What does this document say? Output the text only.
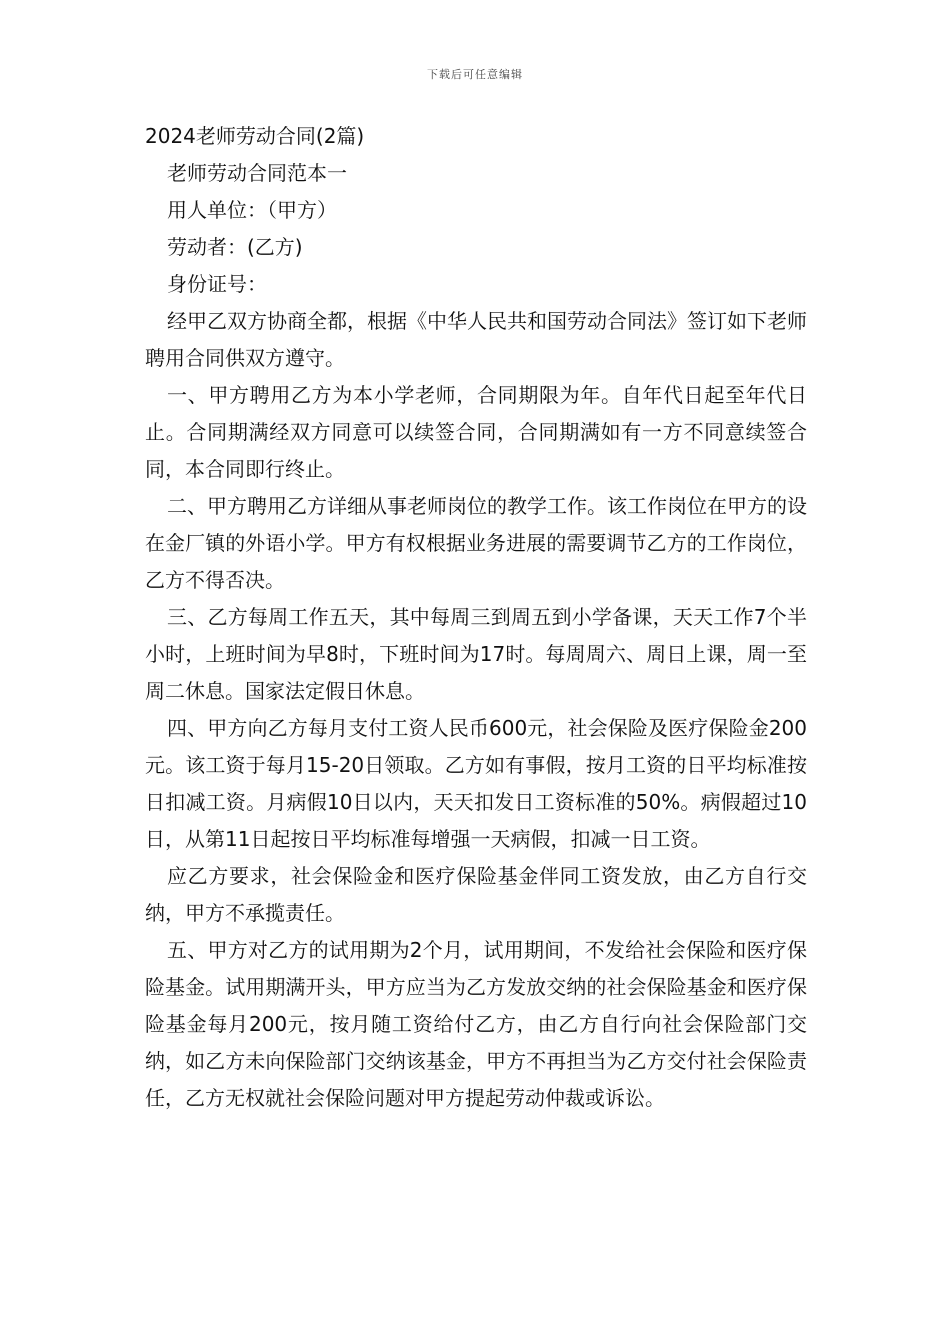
下载后可任意编辑

2024老师劳动合同(2篇)

老师劳动合同范本一

用人单位：（甲方）

劳动者：(乙方)

身份证号：

经甲乙双方协商全都，根据《中华人民共和国劳动合同法》签订如下老师聘用合同供双方遵守。

一、甲方聘用乙方为本小学老师，合同期限为年。自年代日起至年代日止。合同期满经双方同意可以续签合同，合同期满如有一方不同意续签合同，本合同即行终止。

二、甲方聘用乙方详细从事老师岗位的教学工作。该工作岗位在甲方的设在金厂镇的外语小学。甲方有权根据业务进展的需要调节乙方的工作岗位，乙方不得否决。

三、乙方每周工作五天，其中每周三到周五到小学备课，天天工作7个半小时，上班时间为早8时，下班时间为17时。每周周六、周日上课，周一至周二休息。国家法定假日休息。

四、甲方向乙方每月支付工资人民币600元，社会保险及医疗保险金200元。该工资于每月15-20日领取。乙方如有事假，按月工资的日平均标准按日扣减工资。月病假10日以内，天天扣发日工资标准的50%。病假超过10日，从第11日起按日平均标准每增强一天病假，扣减一日工资。

应乙方要求，社会保险金和医疗保险基金伴同工资发放，由乙方自行交纳，甲方不承揽责任。

五、甲方对乙方的试用期为2个月，试用期间，不发给社会保险和医疗保险基金。试用期满开头，甲方应当为乙方发放交纳的社会保险基金和医疗保险基金每月200元，按月随工资给付乙方，由乙方自行向社会保险部门交纳，如乙方未向保险部门交纳该基金，甲方不再担当为乙方交付社会保险责任，乙方无权就社会保险问题对甲方提起劳动仲裁或诉讼。
